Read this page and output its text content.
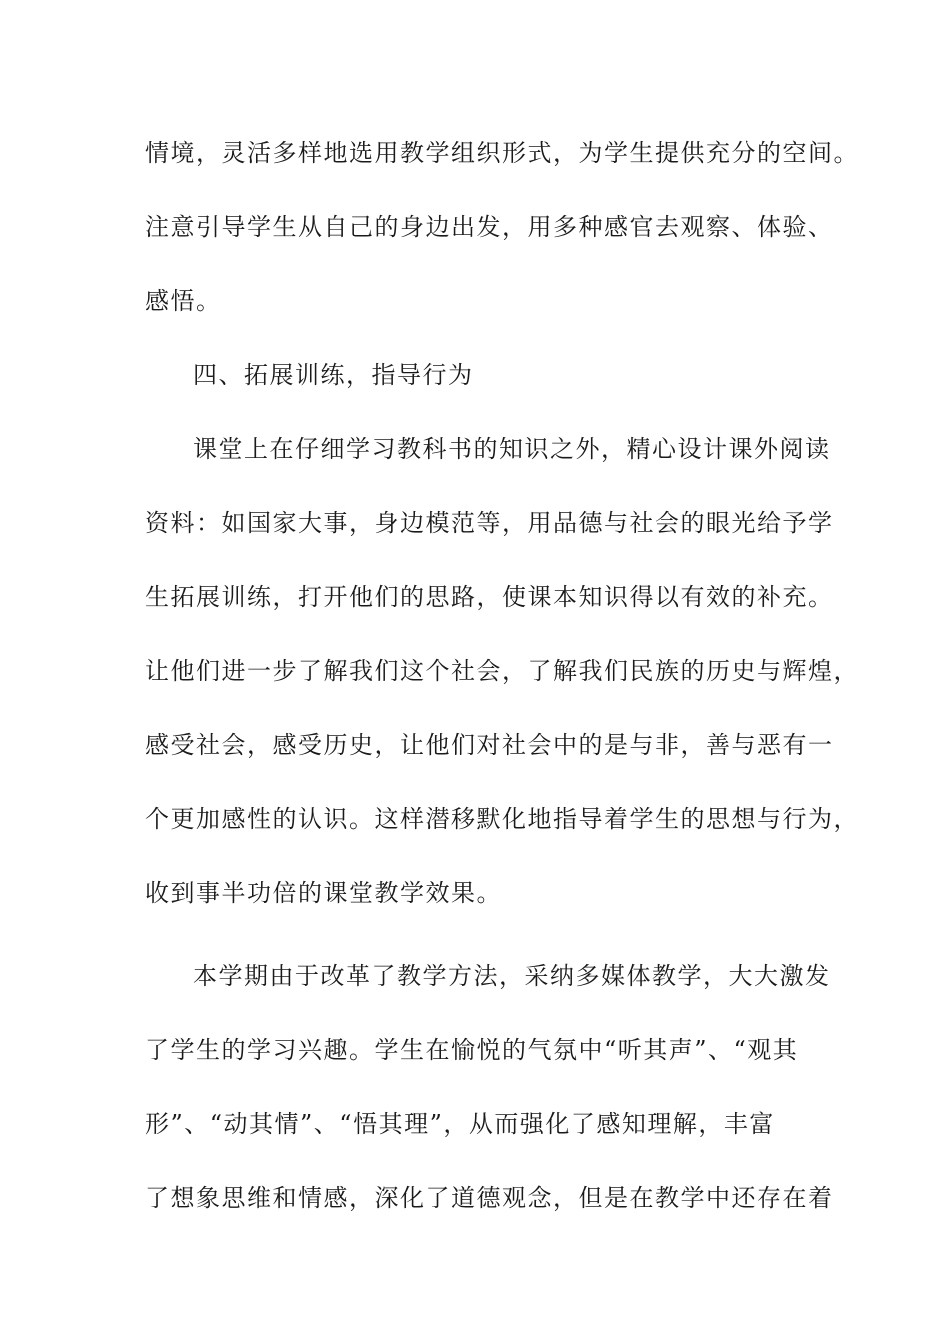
情境，灵活多样地选用教学组织形式，为学生提供充分的空间。
注意引导学生从自己的身边出发，用多种感官去观察、体验、
感悟。
四、拓展训练，指导行为
课堂上在仔细学习教科书的知识之外，精心设计课外阅读
资料：如国家大事，身边模范等，用品德与社会的眼光给予学
生拓展训练，打开他们的思路，使课本知识得以有效的补充。
让他们进一步了解我们这个社会，了解我们民族的历史与辉煌，
感受社会，感受历史，让他们对社会中的是与非，善与恶有一
个更加感性的认识。这样潜移默化地指导着学生的思想与行为，
收到事半功倍的课堂教学效果。
本学期由于改革了教学方法，采纳多媒体教学，大大激发
了学生的学习兴趣。学生在愉悦的气氛中“听其声”、“观其
形”、“动其情”、“悟其理”，从而强化了感知理解，丰富
了想象思维和情感，深化了道德观念，但是在教学中还存在着
